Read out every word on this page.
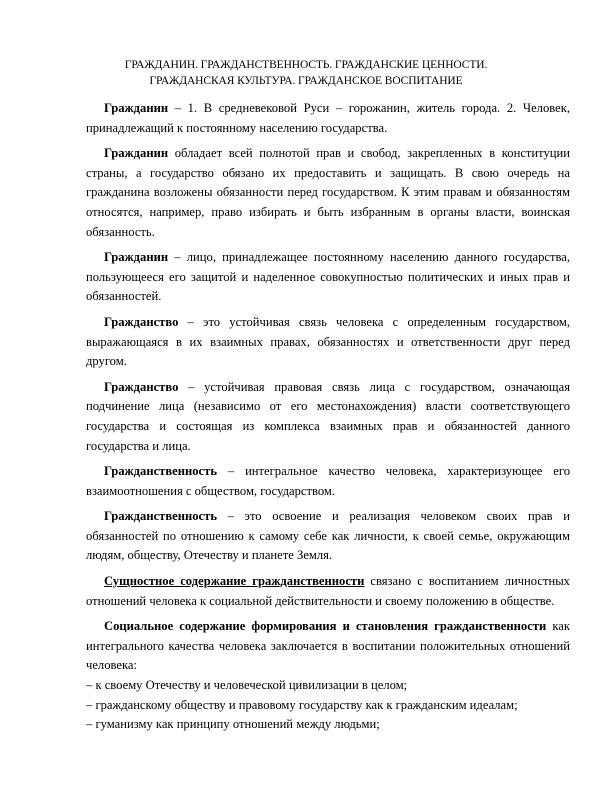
ГРАЖДАНИН. ГРАЖДАНСТВЕННОСТЬ. ГРАЖДАНСКИЕ ЦЕННОСТИ.
ГРАЖДАНСКАЯ КУЛЬТУРА. ГРАЖДАНСКОЕ ВОСПИТАНИЕ

Гражданин – 1. В средневековой Руси – горожанин, житель города. 2. Человек, принадлежащий к постоянному населению государства.

Гражданин обладает всей полнотой прав и свобод, закрепленных в конституции страны, а государство обязано их предоставить и защищать. В свою очередь на гражданина возложены обязанности перед государством. К этим правам и обязанностям относятся, например, право избирать и быть избранным в органы власти, воинская обязанность.

Гражданин – лицо, принадлежащее постоянному населению данного государства, пользующееся его защитой и наделенное совокупностью политических и иных прав и обязанностей.

Гражданство – это устойчивая связь человека с определенным государством, выражающаяся в их взаимных правах, обязанностях и ответственности друг перед другом.

Гражданство – устойчивая правовая связь лица с государством, означающая подчинение лица (независимо от его местонахождения) власти соответствующего государства и состоящая из комплекса взаимных прав и обязанностей данного государства и лица.

Гражданственность – интегральное качество человека, характеризующее его взаимоотношения с обществом, государством.

Гражданственность – это освоение и реализация человеком своих прав и обязанностей по отношению к самому себе как личности, к своей семье, окружающим людям, обществу, Отечеству и планете Земля.

Сущностное содержание гражданственности связано с воспитанием личностных отношений человека к социальной действительности и своему положению в обществе.

Социальное содержание формирования и становления гражданственности как интегрального качества человека заключается в воспитании положительных отношений человека:

– к своему Отечеству и человеческой цивилизации в целом;

– гражданскому обществу и правовому государству как к гражданским идеалам;

– гуманизму как принципу отношений между людьми;
